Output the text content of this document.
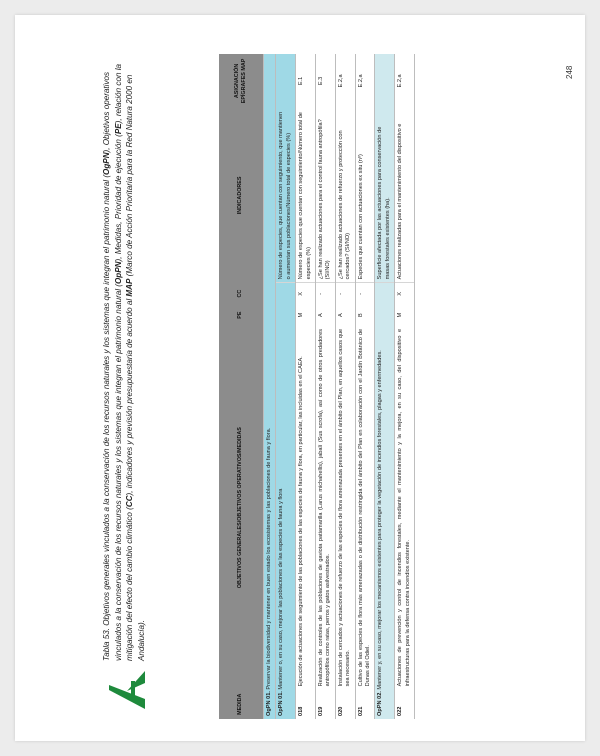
Tabla 53. Objetivos generales vinculados a la conservación de los recursos naturales y los sistemas que integran el patrimonio natural (OgPN), Objetivos operativos vinculados a la conservación de los recursos naturales y los sistemas que integran el patrimonio natural (OpPN), Medidas, Prioridad de ejecución (PE), relación con la mitigación del efecto del cambio climático (CC), indicadores y previsión presupuestaria de acuerdo al MAP (Marco de Acción Prioritaria para la Red Natura 2000 en Andalucía).
248
MEDIDA	OBJETIVOS GENERALES/OBJETIVOS OPERATIVOS/MEDIDAS	PE	CC	INDICADORES	ASIGNACIÓN EPÍGRAFES MAP
OgPN 01. Preservar la biodiversidad y mantener en buen estado los ecosistemas y las poblaciones de fauna y flora.					
OpPN 01. Mantener o, en su caso, mejorar las poblaciones de las especies de fauna y flora				Número de especies, que cuentan con seguimiento, que mantienen o aumentan sus poblaciones/Número total de especies (%)	
018	Ejecución de actuaciones de seguimiento de las poblaciones de las especies de fauna y flora, en particular, las incluidas en el CAEA.	M	X	Número de especies que cuentan con seguimiento/Número total de especies (%)	E.1
019	Realización de controles de las poblaciones de gaviota patiamarilla (Larus michahellis), jabalí (Sus scrofa), así como de otros predadores antropófilos como ratas, perros y gatos asilvestrados.	A	-	¿Se han realizado actuaciones para el control fauna antropófila? (SI/NO)	E.3
020	Instalación de cercados y actuaciones de refuerzo de las especies de flora amenazada presentes en el ámbito del Plan, en aquellos casos que sea necesario.	A	-	¿Se han realizado actuaciones de refuerzo y protección con cercados? (SI/NO)	E.2,a
021	Cultivo de las especies de flora más amenazadas o de distribución restringida del ámbito del Plan en colaboración con el Jardín Botánico de Dunas del Odiel.	B	-	Especies que cuentan con actuaciones ex situ (nº)	E.2,a
OpPN 02. Mantener y, en su caso, mejorar los mecanismos existentes para proteger la vegetación de incendios forestales, plagas y enfermedades.				Superficie afectada por las actuaciones para conservación de masas forestales existentes (ha).	
022	Actuaciones de prevención y control de incendios forestales, mediante el mantenimiento y la mejora, en su caso, del dispositivo e infraestructuras para la defensa contra incendios existente.	M	X	Actuaciones realizadas para el mantenimiento del dispositivo e	E.2,a
